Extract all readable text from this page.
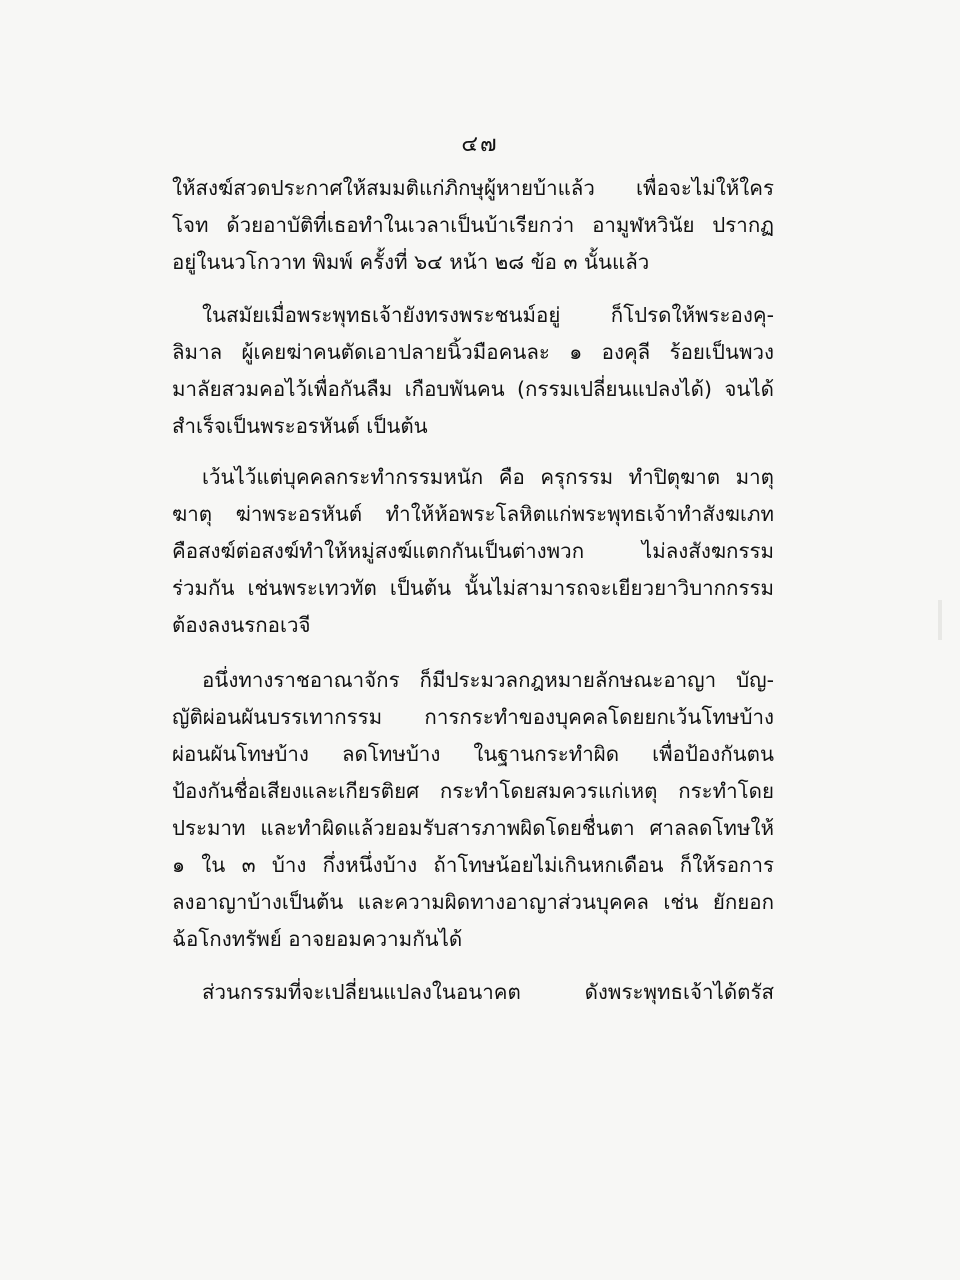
๔๗
ให้สงฆ์สวดประกาศให้สมมติแก่ภิกษุผู้หายบ้าแล้ว เพื่อจะไม่ให้ใคร
โจท ด้วยอาบัติที่เธอทำในเวลาเป็นบ้าเรียกว่า อามูฬหวินัย ปรากฏ
อยู่ในนวโกวาท พิมพ์ ครั้งที่ ๖๔ หน้า ๒๘ ข้อ ๓ นั้นแล้ว
ในสมัยเมื่อพระพุทธเจ้ายังทรงพระชนม์อยู่ ก็โปรดให้พระองคุ-
ลิมาล ผู้เคยฆ่าคนตัดเอาปลายนิ้วมือคนละ ๑ องคุลี ร้อยเป็นพวง
มาลัยสวมคอไว้เพื่อกันลืม เกือบพันคน (กรรมเปลี่ยนแปลงได้) จนได้
สำเร็จเป็นพระอรหันต์ เป็นต้น
เว้นไว้แต่บุคคลกระทำกรรมหนัก คือ ครุกรรม ทำปิตุฆาต มาตุ
ฆาตุ ฆ่าพระอรหันต์ ทำให้ห้อพระโลหิตแก่พระพุทธเจ้าทำสังฆเภท
คือสงฆ์ต่อสงฆ์ทำให้หมู่สงฆ์แตกกันเป็นต่างพวก ไม่ลงสังฆกรรม
ร่วมกัน เช่นพระเทวทัต เป็นต้น นั้นไม่สามารถจะเยียวยาวิบากกรรม
ต้องลงนรกอเวจี
อนึ่งทางราชอาณาจักร ก็มีประมวลกฎหมายลักษณะอาญา บัญ-
ญัติผ่อนผันบรรเทากรรม การกระทำของบุคคลโดยยกเว้นโทษบ้าง
ผ่อนผันโทษบ้าง ลดโทษบ้าง ในฐานกระทำผิด เพื่อป้องกันตน
ป้องกันชื่อเสียงและเกียรติยศ กระทำโดยสมควรแก่เหตุ กระทำโดย
ประมาท และทำผิดแล้วยอมรับสารภาพผิดโดยชื่นตา ศาลลดโทษให้
๑ ใน ๓ บ้าง กึ่งหนึ่งบ้าง ถ้าโทษน้อยไม่เกินหกเดือน ก็ให้รอการ
ลงอาญาบ้างเป็นต้น และความผิดทางอาญาส่วนบุคคล เช่น ยักยอก
ฉ้อโกงทรัพย์ อาจยอมความกันได้
ส่วนกรรมที่จะเปลี่ยนแปลงในอนาคต ดังพระพุทธเจ้าได้ตรัส
